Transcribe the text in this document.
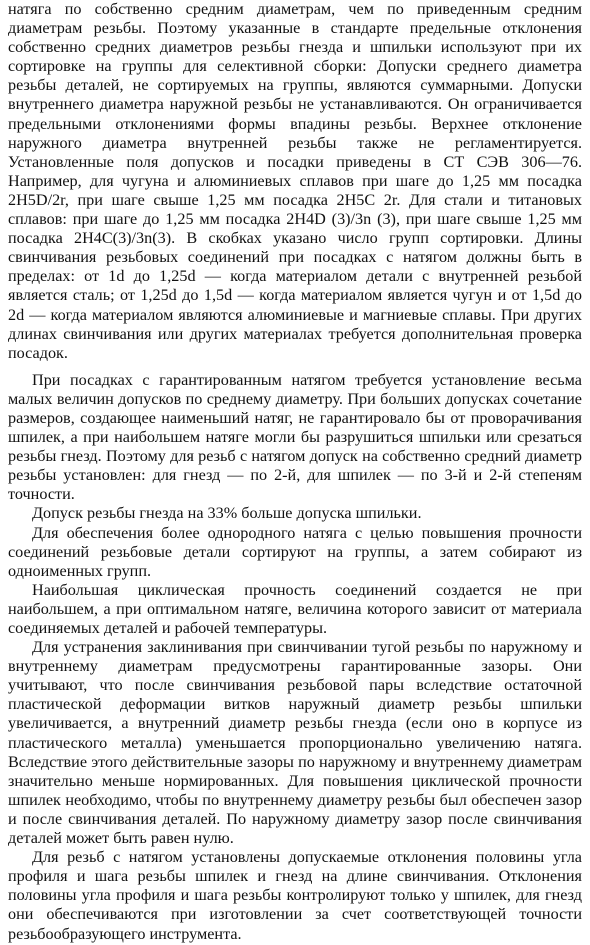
натяга по собственно средним диаметрам, чем по приведенным средним диаметрам резьбы. Поэтому указанные в стандарте предельные отклонения собственно средних диаметров резьбы гнезда и шпильки используют при их сортировке на группы для селективной сборки: Допуски среднего диаметра резьбы деталей, не сортируемых на группы, являются суммарными. Допуски внутреннего диаметра наружной резьбы не устанавливаются. Он ограничивается предельными отклонениями формы впадины резьбы. Верхнее отклонение наружного диаметра внутренней резьбы также не регламентируется. Установленные поля допусков и посадки приведены в СТ СЭВ 306—76. Например, для чугуна и алюминиевых сплавов при шаге до 1,25 мм посадка 2H5D/2r, при шаге свыше 1,25 мм посадка 2H5C 2r. Для стали и титановых сплавов: при шаге до 1,25 мм посадка 2H4D (3)/3n (3), при шаге свыше 1,25 мм посадка 2H4C(3)/3n(3). В скобках указано число групп сортировки. Длины свинчивания резьбовых соединений при посадках с натягом должны быть в пределах: от 1d до 1,25d — когда материалом детали с внутренней резьбой является сталь; от 1,25d до 1,5d — когда материалом является чугун и от 1,5d до 2d — когда материалом являются алюминиевые и магниевые сплавы. При других длинах свинчивания или других материалах требуется дополнительная проверка посадок.

При посадках с гарантированным натягом требуется установление весьма малых величин допусков по среднему диаметру. При больших допусках сочетание размеров, создающее наименьший натяг, не гарантировало бы от проворачивания шпилек, а при наибольшем натяге могли бы разрушиться шпильки или срезаться резьбы гнезд. Поэтому для резьб с натягом допуск на собственно средний диаметр резьбы установлен: для гнезд — по 2-й, для шпилек — по 3-й и 2-й степеням точности.

Допуск резьбы гнезда на 33% больше допуска шпильки.

Для обеспечения более однородного натяга с целью повышения прочности соединений резьбовые детали сортируют на группы, а затем собирают из одноименных групп.

Наибольшая циклическая прочность соединений создается не при наибольшем, а при оптимальном натяге, величина которого зависит от материала соединяемых деталей и рабочей температуры.

Для устранения заклинивания при свинчивании тугой резьбы по наружному и внутреннему диаметрам предусмотрены гарантированные зазоры. Они учитывают, что после свинчивания резьбовой пары вследствие остаточной пластической деформации витков наружный диаметр резьбы шпильки увеличивается, а внутренний диаметр резьбы гнезда (если оно в корпусе из пластического металла) уменьшается пропорционально увеличению натяга. Вследствие этого действительные зазоры по наружному и внутреннему диаметрам значительно меньше нормированных. Для повышения циклической прочности шпилек необходимо, чтобы по внутреннему диаметру резьбы был обеспечен зазор и после свинчивания деталей. По наружному диаметру зазор после свинчивания деталей может быть равен нулю.

Для резьб с натягом установлены допускаемые отклонения половины угла профиля и шага резьбы шпилек и гнезд на длине свинчивания. Отклонения половины угла профиля и шага резьбы контролируют только у шпилек, для гнезд они обеспечиваются при изготовлении за счет соответствующей точности резьбообразующего инструмента.
